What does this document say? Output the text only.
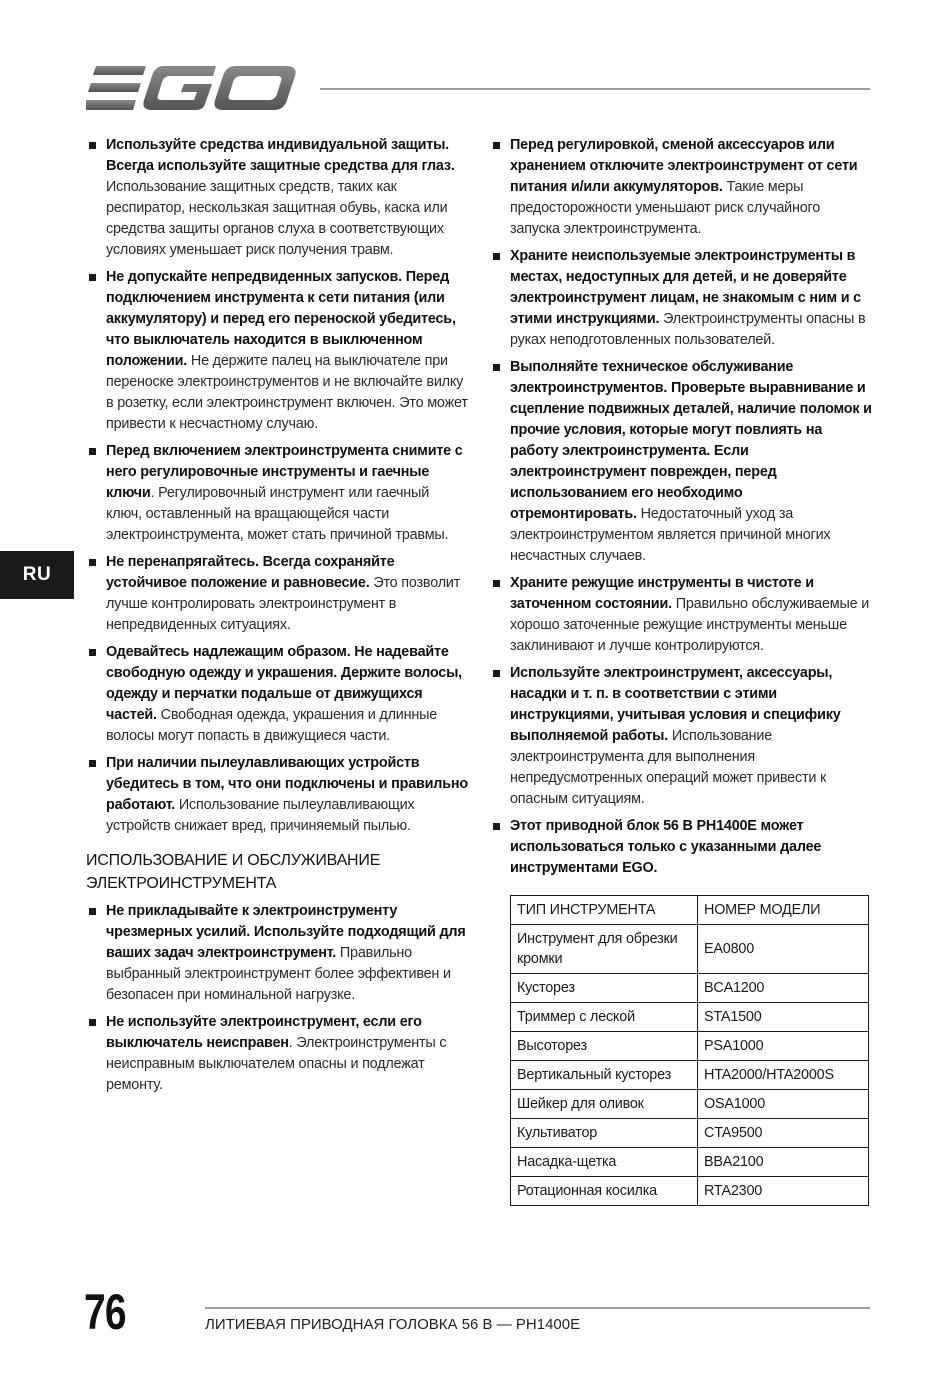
RU
Используйте средства индивидуальной защиты. Всегда используйте защитные средства для глаз. Использование защитных средств, таких как респиратор, нескользкая защитная обувь, каска или средства защиты органов слуха в соответствующих условиях уменьшает риск получения травм.
Не допускайте непредвиденных запусков. Перед подключением инструмента к сети питания (или аккумулятору) и перед его переноской убедитесь, что выключатель находится в выключенном положении. Не держите палец на выключателе при переноске электроинструментов и не включайте вилку в розетку, если электроинструмент включен. Это может привести к несчастному случаю.
Перед включением электроинструмента снимите с него регулировочные инструменты и гаечные ключи. Регулировочный инструмент или гаечный ключ, оставленный на вращающейся части электроинструмента, может стать причиной травмы.
Не перенапрягайтесь. Всегда сохраняйте устойчивое положение и равновесие. Это позволит лучше контролировать электроинструмент в непредвиденных ситуациях.
Одевайтесь надлежащим образом. Не надевайте свободную одежду и украшения. Держите волосы, одежду и перчатки подальше от движущихся частей. Свободная одежда, украшения и длинные волосы могут попасть в движущиеся части.
При наличии пылеулавливающих устройств убедитесь в том, что они подключены и правильно работают. Использование пылеулавливающих устройств снижает вред, причиняемый пылью.
ИСПОЛЬЗОВАНИЕ И ОБСЛУЖИВАНИЕ ЭЛЕКТРОИНСТРУМЕНТА
Не прикладывайте к электроинструменту чрезмерных усилий. Используйте подходящий для ваших задач электроинструмент. Правильно выбранный электроинструмент более эффективен и безопасен при номинальной нагрузке.
Не используйте электроинструмент, если его выключатель неисправен. Электроинструменты с неисправным выключателем опасны и подлежат ремонту.
Перед регулировкой, сменой аксессуаров или хранением отключите электроинструмент от сети питания и/или аккумуляторов. Такие меры предосторожности уменьшают риск случайного запуска электроинструмента.
Храните неиспользуемые электроинструменты в местах, недоступных для детей, и не доверяйте электроинструмент лицам, не знакомым с ним и с этими инструкциями. Электроинструменты опасны в руках неподготовленных пользователей.
Выполняйте техническое обслуживание электроинструментов. Проверьте выравнивание и сцепление подвижных деталей, наличие поломок и прочие условия, которые могут повлиять на работу электроинструмента. Если электроинструмент поврежден, перед использованием его необходимо отремонтировать. Недостаточный уход за электроинструментом является причиной многих несчастных случаев.
Храните режущие инструменты в чистоте и заточенном состоянии. Правильно обслуживаемые и хорошо заточенные режущие инструменты меньше заклинивают и лучше контролируются.
Используйте электроинструмент, аксессуары, насадки и т. п. в соответствии с этими инструкциями, учитывая условия и специфику выполняемой работы. Использование электроинструмента для выполнения непредусмотренных операций может привести к опасным ситуациям.
Этот приводной блок 56 В PH1400E может использоваться только с указанными далее инструментами EGO.
ТИП ИНСТРУМЕНТА	НОМЕР МОДЕЛИ
Инструмент для обрезки кромки	EA0800
Кусторез	BCA1200
Триммер с леской	STA1500
Высоторез	PSA1000
Вертикальный кусторез	HTA2000/HTA2000S
Шейкер для оливок	OSA1000
Культиватор	CTA9500
Насадка-щетка	BBA2100
Ротационная косилка	RTA2300
76	ЛИТИЕВАЯ ПРИВОДНАЯ ГОЛОВКА 56 В — PH1400E
